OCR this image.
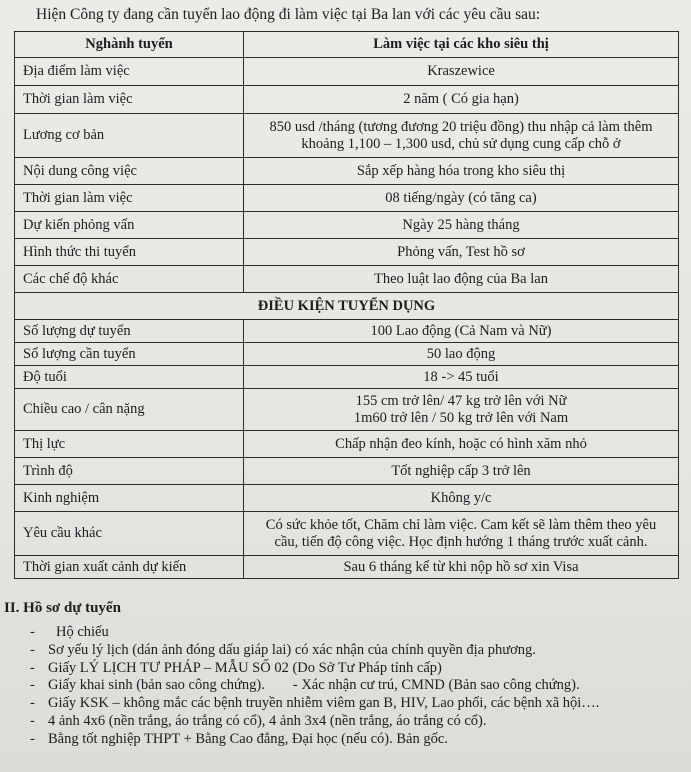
Hiện Công ty đang cần tuyển lao động đi làm việc tại Ba lan với các yêu cầu sau:
Nghành tuyển	Làm việc tại các kho siêu thị
Địa điểm làm việc	Kraszewice
Thời gian làm việc	2 năm ( Có gia hạn)
Lương cơ bản	850 usd /tháng (tương đương 20 triệu đồng) thu nhập cả làm thêm
khoảng 1,100 – 1,300 usd, chủ sử dụng cung cấp chỗ ở

Nội dung công việc	Sắp xếp hàng hóa trong kho siêu thị
Thời gian làm việc	08 tiếng/ngày (có tăng ca)
Dự kiến phỏng vấn	Ngày 25 hàng tháng
Hình thức thi tuyển	Phỏng vấn, Test hồ sơ
Các chế độ khác	Theo luật lao động của Ba lan
ĐIỀU KIỆN TUYỂN DỤNG	
Số lượng dự tuyển	100 Lao động (Cả Nam và Nữ)
Số lượng cần tuyển	50 lao động
Độ tuổi	18 -> 45 tuổi
Chiều cao / cân nặng	155 cm trở lên/ 47 kg trở lên với Nữ
1m60 trở lên / 50 kg trở lên với Nam

Thị lực	Chấp nhận đeo kính, hoặc có hình xăm nhỏ
Trình độ	Tốt nghiệp cấp 3 trở lên
Kinh nghiệm	Không y/c
Yêu cầu khác	Có sức khỏe tốt, Chăm chỉ làm việc. Cam kết sẽ làm thêm theo yêu
cầu, tiến độ công việc. Học định hướng 1 tháng trước xuất cảnh.

Thời gian xuất cảnh dự kiến	Sau 6 tháng kể từ khi nộp hồ sơ xin Visa
II. Hồ sơ dự tuyển
- Hộ chiếu
- Sơ yếu lý lịch (dán ảnh đóng dấu giáp lai) có xác nhận của chính quyền địa phương.
- Giấy LÝ LỊCH TƯ PHÁP – MẪU SỐ 02 (Do Sở Tư Pháp tỉnh cấp)
- Giấy khai sinh (bản sao công chứng). - Xác nhận cư trú, CMND (Bản sao công chứng).
- Giấy KSK – không mắc các bệnh truyền nhiễm viêm gan B, HIV, Lao phổi, các bệnh xã hội….
- 4 ảnh 4x6 (nền trắng, áo trắng có cổ), 4 ảnh 3x4 (nền trắng, áo trắng có cổ).
- Bằng tốt nghiệp THPT + Bằng Cao đẳng, Đại học (nếu có). Bản gốc.
